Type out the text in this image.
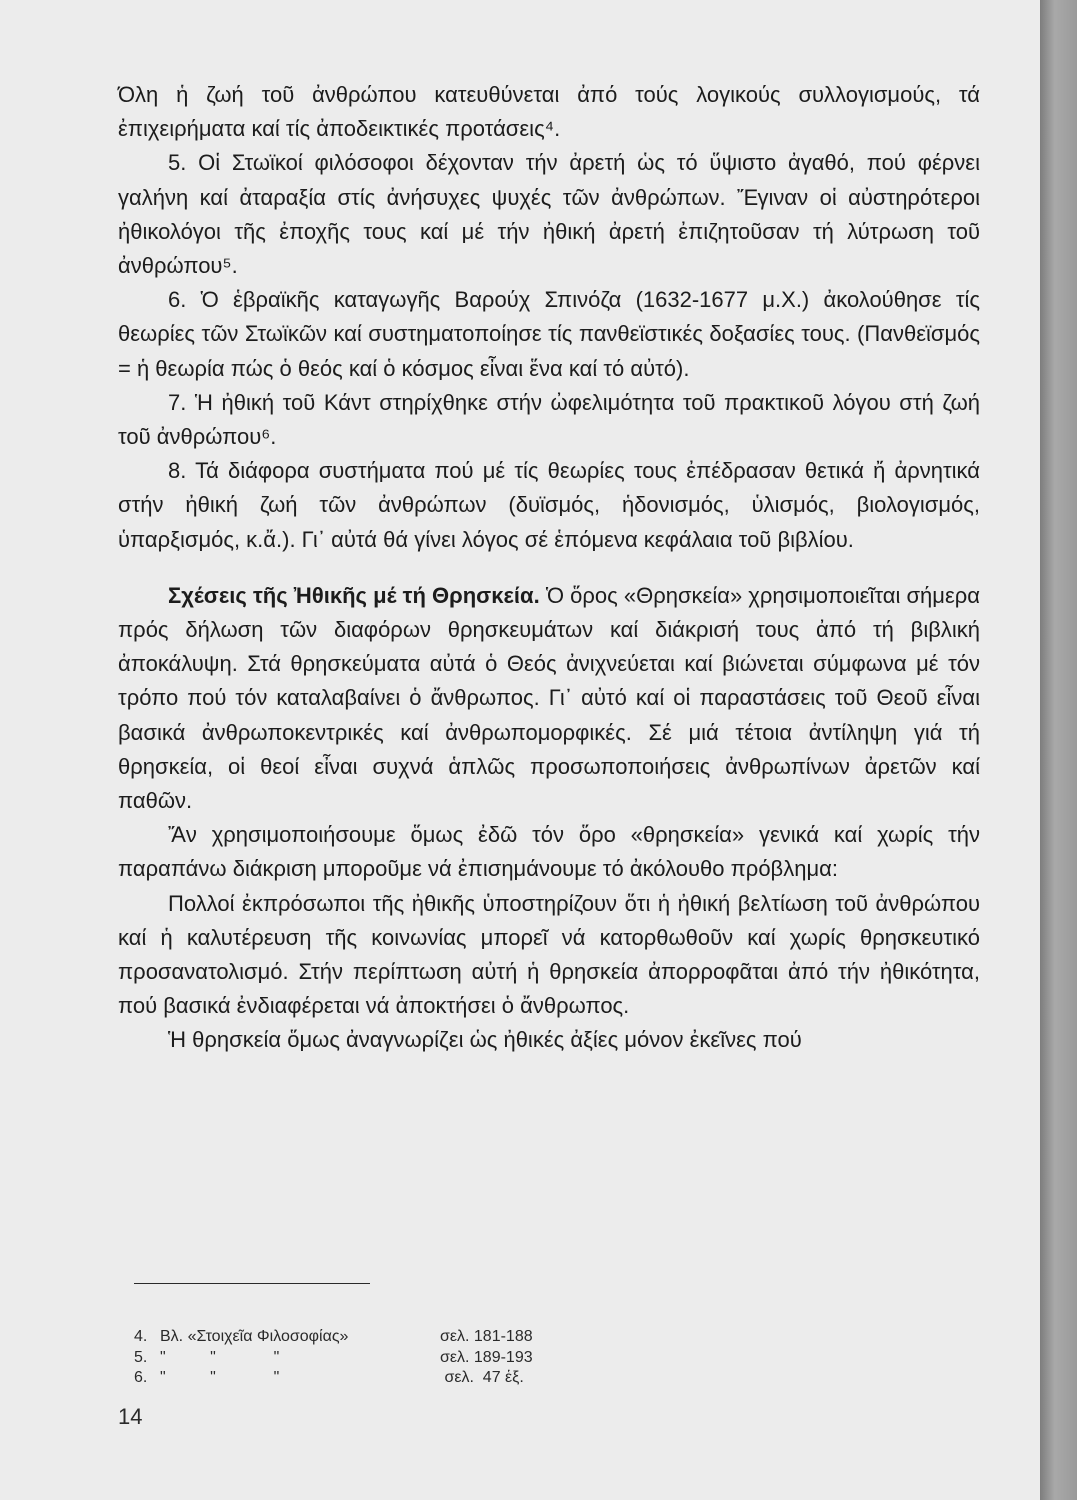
Όλη ἡ ζωή τοῦ ἀνθρώπου κατευθύνεται ἀπό τούς λογικούς συλλογισμούς, τά ἐπιχειρήματα καί τίς ἀποδεικτικές προτάσεις⁴.

5. Οἱ Στωϊκοί φιλόσοφοι δέχονταν τήν ἀρετή ὡς τό ὕψιστο ἀγαθό, πού φέρνει γαλήνη καί ἀταραξία στίς ἀνήσυχες ψυχές τῶν ἀνθρώπων. Ἔγιναν οἱ αὐστηρότεροι ἠθικολόγοι τῆς ἐποχῆς τους καί μέ τήν ἠθική ἀρετή ἐπιζητοῦσαν τή λύτρωση τοῦ ἀνθρώπου⁵.

6. Ὁ ἑβραϊκῆς καταγωγῆς Βαρούχ Σπινόζα (1632-1677 μ.Χ.) ἀκολούθησε τίς θεωρίες τῶν Στωϊκῶν καί συστηματοποίησε τίς πανθεϊστικές δοξασίες τους. (Πανθεϊσμός = ἡ θεωρία πώς ὁ θεός καί ὁ κόσμος εἶναι ἕνα καί τό αὐτό).

7. Ἡ ἠθική τοῦ Κάντ στηρίχθηκε στήν ὠφελιμότητα τοῦ πρακτικοῦ λόγου στή ζωή τοῦ ἀνθρώπου⁶.

8. Τά διάφορα συστήματα πού μέ τίς θεωρίες τους ἐπέδρασαν θετικά ἤ ἀρνητικά στήν ἠθική ζωή τῶν ἀνθρώπων (δυϊσμός, ἡδονισμός, ὑλισμός, βιολογισμός, ὑπαρξισμός, κ.ἄ.). Γι᾽ αὐτά θά γίνει λόγος σέ ἑπόμενα κεφάλαια τοῦ βιβλίου.

Σχέσεις τῆς Ἠθικῆς μέ τή Θρησκεία. Ὁ ὅρος «Θρησκεία» χρησιμοποιεῖται σήμερα πρός δήλωση τῶν διαφόρων θρησκευμάτων καί διάκρισή τους ἀπό τή βιβλική ἀποκάλυψη. Στά θρησκεύματα αὐτά ὁ Θεός ἀνιχνεύεται καί βιώνεται σύμφωνα μέ τόν τρόπο πού τόν καταλαβαίνει ὁ ἄνθρωπος. Γι᾽ αὐτό καί οἱ παραστάσεις τοῦ Θεοῦ εἶναι βασικά ἀνθρωποκεντρικές καί ἀνθρωπομορφικές. Σέ μιά τέτοια ἀντίληψη γιά τή θρησκεία, οἱ θεοί εἶναι συχνά ἁπλῶς προσωποποιήσεις ἀνθρωπίνων ἀρετῶν καί παθῶν.

Ἄν χρησιμοποιήσουμε ὅμως ἐδῶ τόν ὅρο «θρησκεία» γενικά καί χωρίς τήν παραπάνω διάκριση μποροῦμε νά ἐπισημάνουμε τό ἀκόλουθο πρόβλημα:

Πολλοί ἐκπρόσωποι τῆς ἠθικῆς ὑποστηρίζουν ὅτι ἡ ἠθική βελτίωση τοῦ ἀνθρώπου καί ἡ καλυτέρευση τῆς κοινωνίας μπορεῖ νά κατορθωθοῦν καί χωρίς θρησκευτικό προσανατολισμό. Στήν περίπτωση αὐτή ἡ θρησκεία ἀπορροφᾶται ἀπό τήν ἠθικότητα, πού βασικά ἐνδιαφέρεται νά ἀποκτήσει ὁ ἄνθρωπος.

Ἡ θρησκεία ὅμως ἀναγνωρίζει ὡς ἠθικές ἀξίες μόνον ἐκεῖνες πού

4. Βλ. «Στοιχεῖα Φιλοσοφίας»	σελ. 181-188
5. "          "             "	σελ. 189-193
6. "          "             "	σελ.  47 ἑξ.
14
